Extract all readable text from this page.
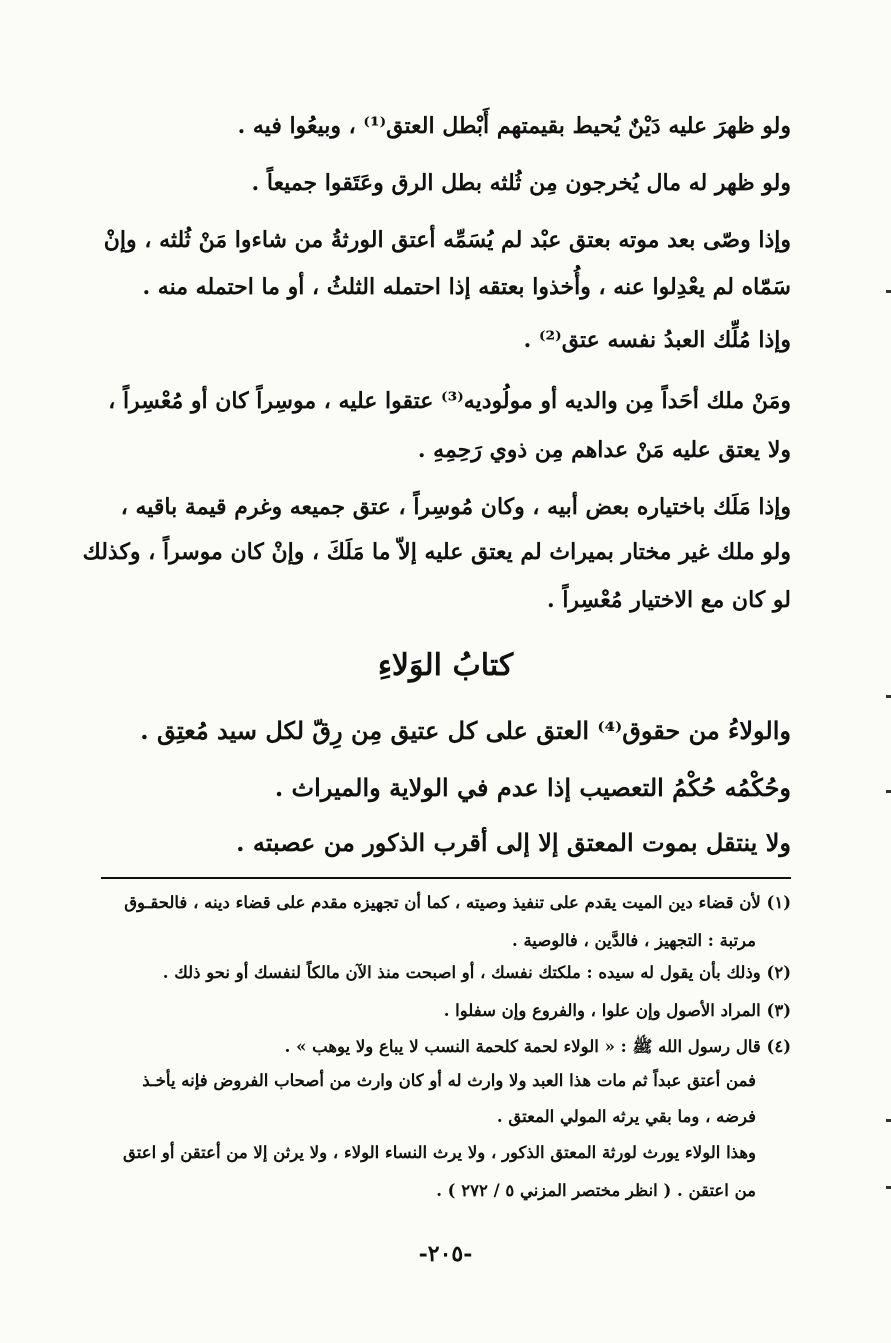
ولو ظهرَ عليه دَيْنٌ يُحيط بقيمتهم أَبْطل العتق⁽¹⁾ ، وبيعُوا فيه .
ولو ظهر له مال يُخرجون مِن ثُلثه بطل الرق وعَتَقوا جميعاً .
وإذا وصّى بعد موته بعتق عبْد لم يُسَمِّه أعتق الورثةُ من شاءوا مَنْ ثُلثه ، وإنْ
سَمّاه لم يعْدِلوا عنه ، وأُخذوا بعتقه إذا احتمله الثلثُ ، أو ما احتمله منه .
وإذا مُلِّك العبدُ نفسه عتق⁽²⁾ .
ومَنْ ملك أحَداً مِن والديه أو مولُوديه⁽³⁾ عتقوا عليه ، موسِراً كان أو مُعْسِراً ،
ولا يعتق عليه مَنْ عداهم مِن ذوي رَحِمِهِ .
وإذا مَلَك باختياره بعض أبيه ، وكان مُوسِراً ، عتق جميعه وغرم قيمة باقيه ،
ولو ملك غير مختار بميراث لم يعتق عليه إلاّ ما مَلَكَ ، وإنْ كان موسراً ، وكذلك
لو كان مع الاختيار مُعْسِراً .
كتابُ الوَلاءِ
والولاءُ من حقوق⁽⁴⁾ العتق على كل عتيق مِن رِقّ لكل سيد مُعتِق .
وحُكْمُه حُكْمُ التعصيب إذا عدم في الولاية والميراث .
ولا ينتقل بموت المعتق إلا إلى أقرب الذكور من عصبته .
(١) لأن قضاء دين الميت يقدم على تنفيذ وصيته ، كما أن تجهيزه مقدم على قضاء دينه ، فالحقـوق
مرتبة : التجهيز ، فالدَّين ، فالوصية .
(٢) وذلك بأن يقول له سيده : ملكتك نفسك ، أو اصبحت منذ الآن مالكاً لنفسك أو نحو ذلك .
(٣) المراد الأصول وإن علوا ، والفروع وإن سفلوا .
(٤) قال رسول الله ﷺ : « الولاء لحمة كلحمة النسب لا يباع ولا يوهب » .
فمن أعتق عبداً ثم مات هذا العبد ولا وارث له أو كان وارث من أصحاب الفروض فإنه يأخـذ
فرضه ، وما بقي يرثه المولي المعتق .
وهذا الولاء يورث لورثة المعتق الذكور ، ولا يرث النساء الولاء ، ولا يرثن إلا من أعتقن أو اعتق
من اعتقن . ( انظر مختصر المزني ٥ / ٢٧٢ ) .
-٢٠٥-
